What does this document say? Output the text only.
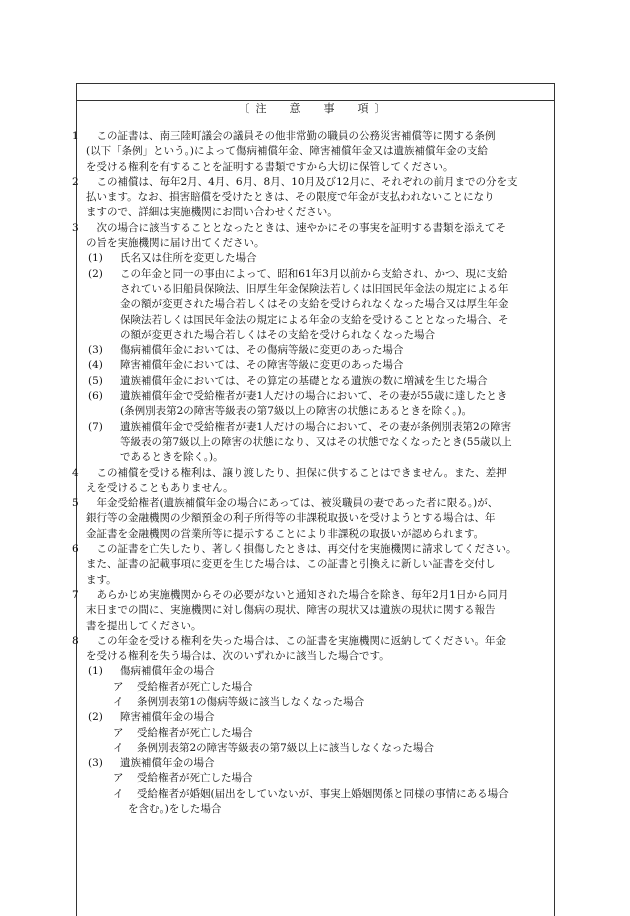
〔注　意　事　項〕
1 　この証書は、南三陸町議会の議員その他非常勤の職員の公務災害補償等に関する条例
(以下「条例」という。)によって傷病補償年金、障害補償年金又は遺族補償年金の支給
を受ける権利を有することを証明する書類ですから大切に保管してください。
2 　この補償は、毎年2月、4月、6月、8月、10月及び12月に、それぞれの前月までの分を支
払います。なお、損害賠償を受けたときは、その限度で年金が支払われないことになり
ますので、詳細は実施機関にお問い合わせください。
3 　次の場合に該当することとなったときは、速やかにその事実を証明する書類を添えてそ
の旨を実施機関に届け出てください。
(1) 氏名又は住所を変更した場合
(2) この年金と同一の事由によって、昭和61年3月以前から支給され、かつ、現に支給
されている旧船員保険法、旧厚生年金保険法若しくは旧国民年金法の規定による年
金の額が変更された場合若しくはその支給を受けられなくなった場合又は厚生年金
保険法若しくは国民年金法の規定による年金の支給を受けることとなった場合、そ
の額が変更された場合若しくはその支給を受けられなくなった場合
(3) 傷病補償年金においては、その傷病等級に変更のあった場合
(4) 障害補償年金においては、その障害等級に変更のあった場合
(5) 遺族補償年金においては、その算定の基礎となる遺族の数に増減を生じた場合
(6) 遺族補償年金で受給権者が妻1人だけの場合において、その妻が55歳に達したとき
(条例別表第2の障害等級表の第7級以上の障害の状態にあるときを除く。)。
(7) 遺族補償年金で受給権者が妻1人だけの場合において、その妻が条例別表第2の障害
等級表の第7級以上の障害の状態になり、又はその状態でなくなったとき(55歳以上
であるときを除く。)。
4 　この補償を受ける権利は、譲り渡したり、担保に供することはできません。また、差押
えを受けることもありません。
5 　年金受給権者(遺族補償年金の場合にあっては、被災職員の妻であった者に限る。)が、
銀行等の金融機関の少額預金の利子所得等の非課税取扱いを受けようとする場合は、年
金証書を金融機関の営業所等に提示することにより非課税の取扱いが認められます。
6 　この証書を亡失したり、著しく損傷したときは、再交付を実施機関に請求してください。
また、証書の記載事項に変更を生じた場合は、この証書と引換えに新しい証書を交付し
ます。
7 　あらかじめ実施機関からその必要がないと通知された場合を除き、毎年2月1日から同月
末日までの間に、実施機関に対し傷病の現状、障害の現状又は遺族の現状に関する報告
書を提出してください。
8 　この年金を受ける権利を失った場合は、この証書を実施機関に返納してください。年金
を受ける権利を失う場合は、次のいずれかに該当した場合です。
(1) 傷病補償年金の場合
ア 受給権者が死亡した場合
イ 条例別表第1の傷病等級に該当しなくなった場合
(2) 障害補償年金の場合
ア 受給権者が死亡した場合
イ 条例別表第2の障害等級表の第7級以上に該当しなくなった場合
(3) 遺族補償年金の場合
ア 受給権者が死亡した場合
イ 受給権者が婚姻(届出をしていないが、事実上婚姻関係と同様の事情にある場合
を含む。)をした場合
